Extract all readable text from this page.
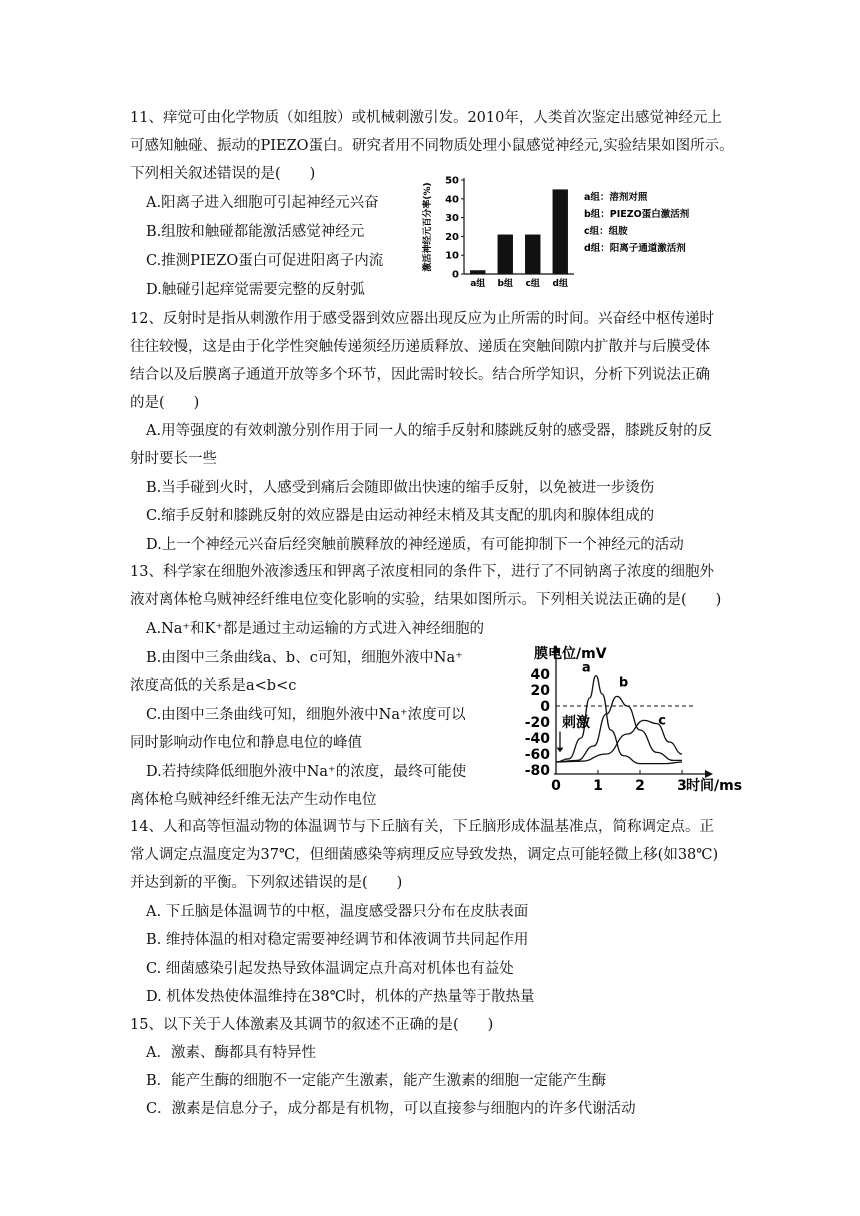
11、痒觉可由化学物质（如组胺）或机械刺激引发。2010年，人类首次鉴定出感觉神经元上
可感知触碰、振动的PIEZO蛋白。研究者用不同物质处理小鼠感觉神经元,实验结果如图所示。
下列相关叙述错误的是(　　)
A.阳离子进入细胞可引起神经元兴奋
B.组胺和触碰都能激活感觉神经元
C.推测PIEZO蛋白可促进阳离子内流
D.触碰引起痒觉需要完整的反射弧
激活神经元百分率(%)
0
10
20
30
40
50
a组 b组 c组 d组
a组：溶剂对照
b组：PIEZO蛋白激活剂
c组：组胺
d组：阳离子通道激活剂
12、反射时是指从刺激作用于感受器到效应器出现反应为止所需的时间。兴奋经中枢传递时
往往较慢，这是由于化学性突触传递须经历递质释放、递质在突触间隙内扩散并与后膜受体
结合以及后膜离子通道开放等多个环节，因此需时较长。结合所学知识，分析下列说法正确
的是(　　)
A.用等强度的有效刺激分别作用于同一人的缩手反射和膝跳反射的感受器，膝跳反射的反
射时要长一些
B.当手碰到火时，人感受到痛后会随即做出快速的缩手反射，以免被进一步烫伤
C.缩手反射和膝跳反射的效应器是由运动神经末梢及其支配的肌肉和腺体组成的
D.上一个神经元兴奋后经突触前膜释放的神经递质，有可能抑制下一个神经元的活动
13、科学家在细胞外液渗透压和钾离子浓度相同的条件下，进行了不同钠离子浓度的细胞外
液对离体枪乌贼神经纤维电位变化影响的实验，结果如图所示。下列相关说法正确的是(　　)
A.Na⁺和K⁺都是通过主动运输的方式进入神经细胞的
B.由图中三条曲线a、b、c可知，细胞外液中Na⁺
浓度高低的关系是a<b<c
C.由图中三条曲线可知，细胞外液中Na⁺浓度可以
同时影响动作电位和静息电位的峰值
D.若持续降低细胞外液中Na⁺的浓度，最终可能使
离体枪乌贼神经纤维无法产生动作电位
膜电位/mV
时间/ms
40
20
0
-20
-40
-60
-80
0 1 2 3
刺激
a
b
c
14、人和高等恒温动物的体温调节与下丘脑有关，下丘脑形成体温基准点，简称调定点。正
常人调定点温度定为37℃，但细菌感染等病理反应导致发热，调定点可能轻微上移(如38℃)
并达到新的平衡。下列叙述错误的是(　　)
A. 下丘脑是体温调节的中枢，温度感受器只分布在皮肤表面
B. 维持体温的相对稳定需要神经调节和体液调节共同起作用
C. 细菌感染引起发热导致体温调定点升高对机体也有益处
D. 机体发热使体温维持在38℃时，机体的产热量等于散热量
15、以下关于人体激素及其调节的叙述不正确的是(　　)
A．激素、酶都具有特异性
B．能产生酶的细胞不一定能产生激素，能产生激素的细胞一定能产生酶
C．激素是信息分子，成分都是有机物，可以直接参与细胞内的许多代谢活动
